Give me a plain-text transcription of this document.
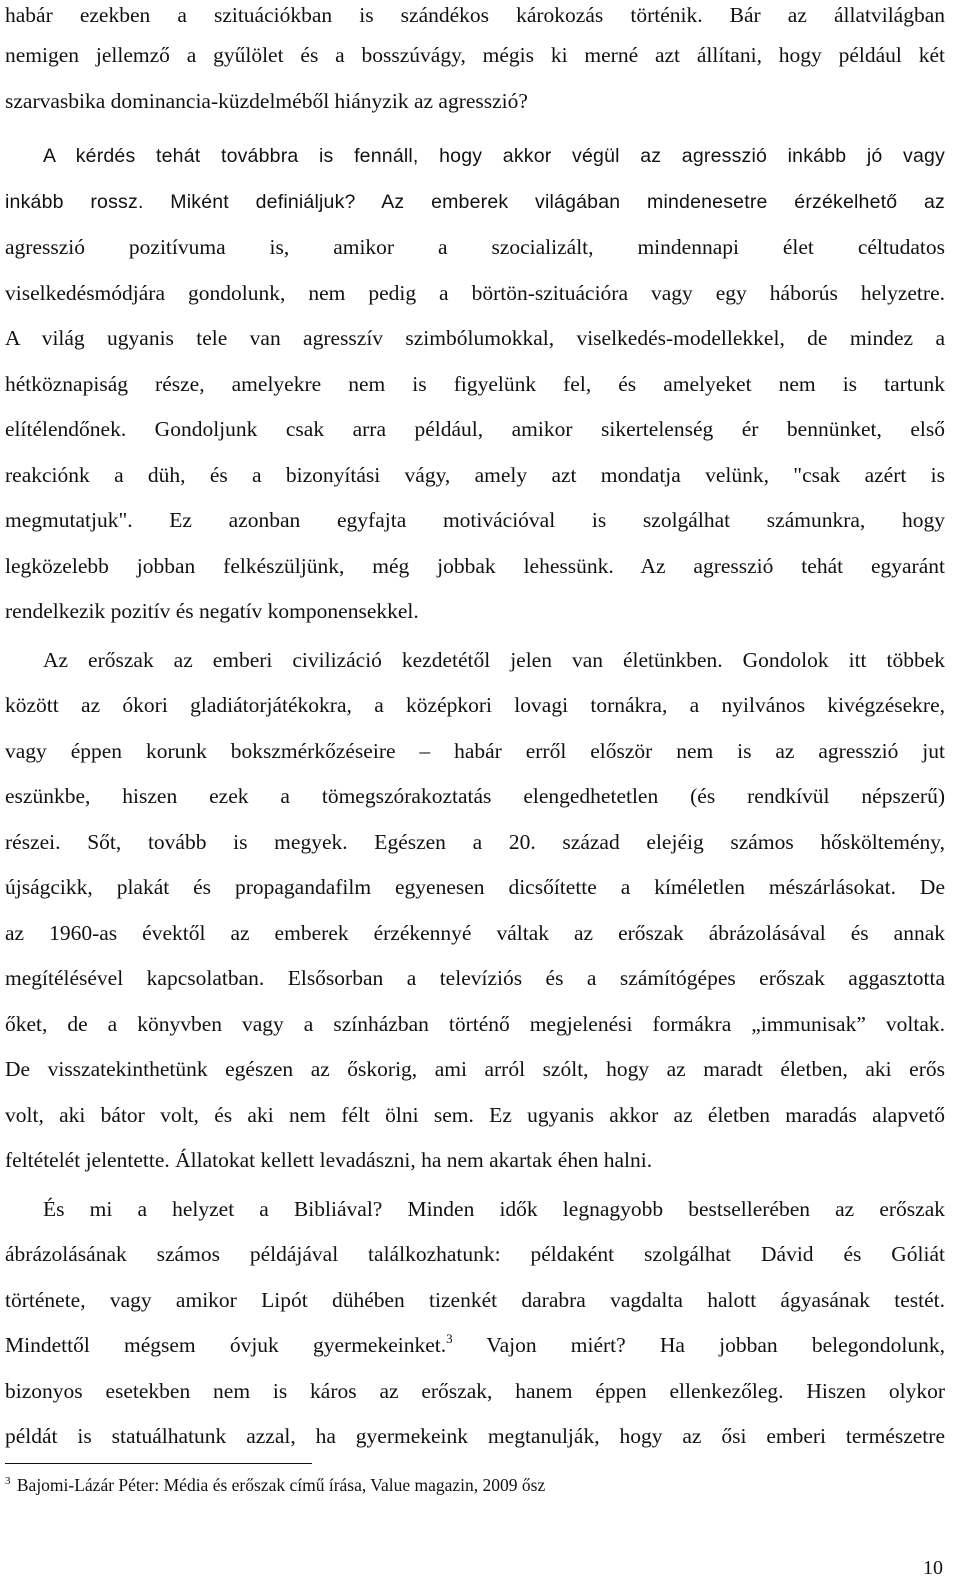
habár ezekben a szituációkban is szándékos károkozás történik. Bár az állatvilágban
nemigen jellemző a gyűlölet és a bosszúvágy, mégis ki merné azt állítani, hogy például két
szarvasbika dominancia-küzdelméből hiányzik az agresszió?
A kérdés tehát továbbra is fennáll, hogy akkor végül az agresszió inkább jó vagy
inkább rossz. Miként definiáljuk? Az emberek világában mindenesetre érzékelhető az
agresszió pozitívuma is, amikor a szocializált, mindennapi élet céltudatos
viselkedésmódjára gondolunk, nem pedig a börtön-szituációra vagy egy háborús helyzetre.
A világ ugyanis tele van agresszív szimbólumokkal, viselkedés-modellekkel, de mindez a
hétköznapiság része, amelyekre nem is figyelünk fel, és amelyeket nem is tartunk
elítélendőnek. Gondoljunk csak arra például, amikor sikertelenség ér bennünket, első
reakciónk a düh, és a bizonyítási vágy, amely azt mondatja velünk, "csak azért is
megmutatjuk". Ez azonban egyfajta motivációval is szolgálhat számunkra, hogy
legközelebb jobban felkészüljünk, még jobbak lehessünk. Az agresszió tehát egyaránt
rendelkezik pozitív és negatív komponensekkel.
Az erőszak az emberi civilizáció kezdetétől jelen van életünkben. Gondolok itt többek
között az ókori gladiátorjátékokra, a középkori lovagi tornákra, a nyilvános kivégzésekre,
vagy éppen korunk bokszmérkőzéseire – habár erről először nem is az agresszió jut
eszünkbe, hiszen ezek a tömegszórakoztatás elengedhetetlen (és rendkívül népszerű)
részei. Sőt, tovább is megyek. Egészen a 20. század elejéig számos hősköltemény,
újságcikk, plakát és propagandafilm egyenesen dicsőítette a kíméletlen mészárlásokat. De
az 1960-as évektől az emberek érzékennyé váltak az erőszak ábrázolásával és annak
megítélésével kapcsolatban. Elsősorban a televíziós és a számítógépes erőszak aggasztotta
őket, de a könyvben vagy a színházban történő megjelenési formákra „immunisak” voltak.
De visszatekinthetünk egészen az őskorig, ami arról szólt, hogy az maradt életben, aki erős
volt, aki bátor volt, és aki nem félt ölni sem. Ez ugyanis akkor az életben maradás alapvető
feltételét jelentette. Állatokat kellett levadászni, ha nem akartak éhen halni.
És mi a helyzet a Bibliával? Minden idők legnagyobb bestsellerében az erőszak
ábrázolásának számos példájával találkozhatunk: példaként szolgálhat Dávid és Góliát
története, vagy amikor Lipót dühében tizenkét darabra vagdalta halott ágyasának testét.
Mindettől mégsem óvjuk gyermekeinket.$^3$ Vajon miért? Ha jobban belegondolunk,
bizonyos esetekben nem is káros az erőszak, hanem éppen ellenkezőleg. Hiszen olykor
példát is statuálhatunk azzal, ha gyermekeink megtanulják, hogy az ősi emberi természetre
$^3$ Bajomi-Lázár Péter: Média és erőszak című írása, Value magazin, 2009 ősz
10
